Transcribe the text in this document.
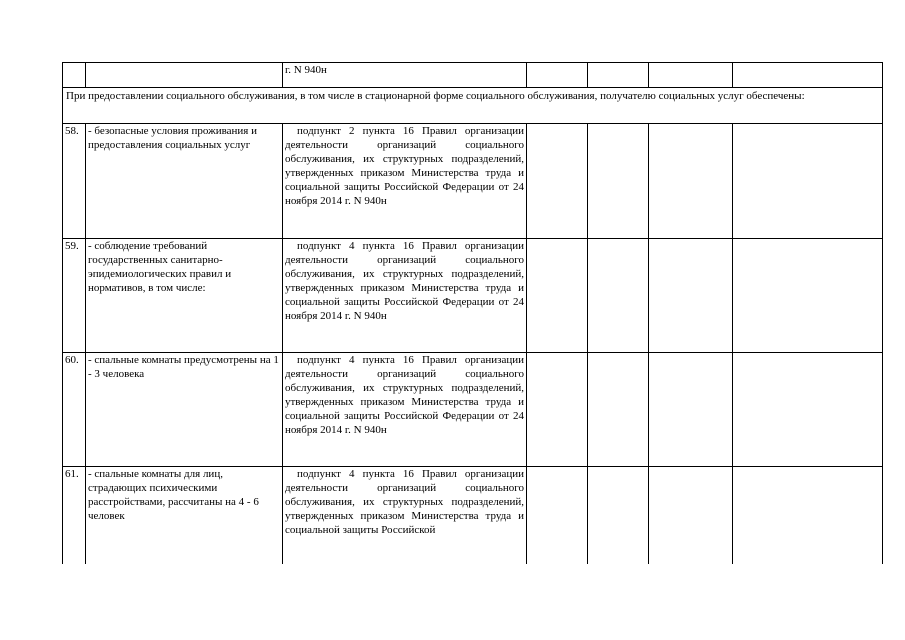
		г. N 940н				
При предоставлении социального обслуживания, в том числе в стационарной форме социального обслуживания, получателю социальных услуг обеспечены:						
58.	- безопасные условия проживания и предоставления социальных услуг	подпункт 2 пункта 16 Правил организации деятельности организаций социального обслуживания, их структурных подразделений, утвержденных приказом Министерства труда и социальной защиты Российской Федерации от 24 ноября 2014 г. N 940н				

59.	- соблюдение требований государственных санитарно-эпидемиологических правил и нормативов, в том числе:	подпункт 4 пункта 16 Правил организации деятельности организаций социального обслуживания, их структурных подразделений, утвержденных приказом Министерства труда и социальной защиты Российской Федерации от 24 ноября 2014 г. N 940н				

60.	- спальные комнаты предусмотрены на 1 - 3 человека	подпункт 4 пункта 16 Правил организации деятельности организаций социального обслуживания, их структурных подразделений, утвержденных приказом Министерства труда и социальной защиты Российской Федерации от 24 ноября 2014 г. N 940н				

61.	- спальные комнаты для лиц, страдающих психическими расстройствами, рассчитаны на 4 - 6 человек	подпункт 4 пункта 16 Правил организации деятельности организаций социального обслуживания, их структурных подразделений, утвержденных приказом Министерства труда и социальной защиты Российской				
